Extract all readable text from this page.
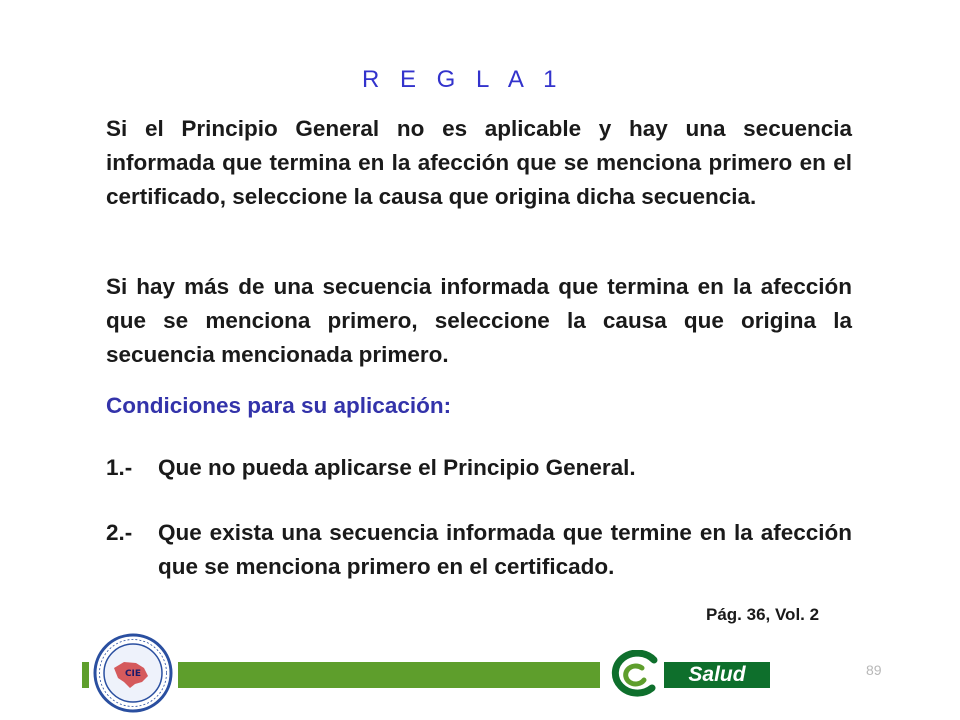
R E G L A 1

Si el Principio General no es aplicable y hay una secuencia informada que termina en la afección que se menciona primero en el certificado, seleccione la causa que origina dicha secuencia.

Si hay más de una secuencia informada que termina en la afección que se menciona primero, seleccione la causa que origina la secuencia mencionada primero.

Condiciones para su aplicación:

1.-	Que no pueda aplicarse el Principio General.
2.-	Que exista una secuencia informada que termine en la afección que se menciona primero en el certificado.

Pág. 36, Vol. 2

CIE	Salud	89
